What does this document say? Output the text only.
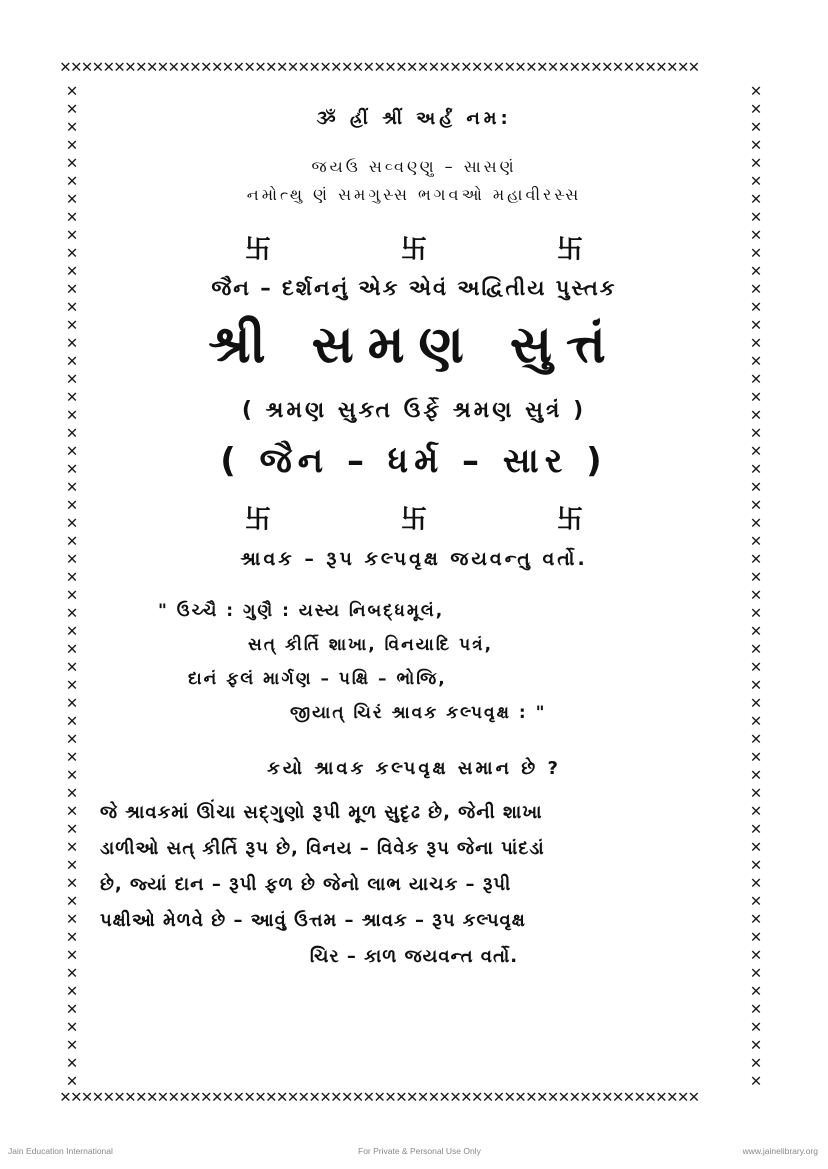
✕✕✕✕✕✕✕✕✕✕✕✕✕✕✕✕✕✕✕✕✕✕✕✕✕✕✕✕✕✕✕✕✕✕✕✕✕✕✕✕✕✕✕✕✕✕✕✕✕✕✕✕✕✕✕✕✕✕✕
✕
✕
✕
✕
✕
✕
✕
✕
✕
✕
✕
✕
✕
✕
✕
✕
✕
✕
✕
✕
✕
✕
✕
✕
✕
✕
✕
✕
✕
✕
✕
✕
✕
✕
✕
✕
✕
✕
✕
✕
✕
✕
✕
✕
✕
✕
✕
✕
✕
✕
✕
✕
✕
✕
✕
✕
✕
✕
✕
✕
✕
✕
✕
✕
✕
✕
✕
✕
✕
✕
✕
✕
✕
✕
✕
✕
✕
✕
✕
✕
✕
✕
✕
✕
✕
✕
✕
✕
✕
✕
✕
✕
✕
✕
✕
✕
✕
✕
✕
✕
✕
✕
✕
✕
✕
✕
✕
✕
✕
✕
✕
✕
✕✕✕✕✕✕✕✕✕✕✕✕✕✕✕✕✕✕✕✕✕✕✕✕✕✕✕✕✕✕✕✕✕✕✕✕✕✕✕✕✕✕✕✕✕✕✕✕✕✕✕✕✕✕✕✕✕✕✕
ૐ હ્રીં શ્રીં અર્હં નમ:
જયઉ સવ્વણ્ણુ – સાસણં
નમોત્થુ ણં સમગુસ્સ ભગવઓ મહાવીરસ્સ
卐	卐	卐
જૈન – દર્શનનું એક એવં અદ્વિતીય પુસ્તક
શ્રી સમણ સુત્તં
( શ્રમણ સુક્ત ઉર્ફે શ્રમણ સુત્રં )
( જૈન – ધર્મ – સાર )
卐	卐	卐
શ્રાવક – રૂપ કલ્પવૃક્ષ જયવન્તુ વર્તો.
" ઉચ્ચૈ : ગુણૈ : યસ્ય નિબદ્ધમૂલં,
સત્ કીર્તિ શાખા, વિનયાદિ પત્રં,
દાનં ફલં માર્ગણ – પક્ષિ – ભોજિ,
જીયાત્ ચિરં શ્રાવક કલ્પવૃક્ષ : "
કયો શ્રાવક કલ્પવૃક્ષ સમાન છે ?
જે શ્રાવકમાં ઊંચા સદ્ગુણો રૂપી મૂળ સુદૃઢ છે, જેની શાખા
ડાળીઓ સત્ કીર્તિ રૂપ છે, વિનય – વિવેક રૂપ જેના પાંદડાં
છે, જ્યાં દાન – રૂપી ફળ છે જેનો લાભ યાચક – રૂપી
પક્ષીઓ મેળવે છે – આવું ઉત્તમ – શ્રાવક – રૂપ કલ્પવૃક્ષ
ચિર – કાળ જયવન્ત વર્તો.
Jain Education International	For Private & Personal Use Only	www.jainelibrary.org
